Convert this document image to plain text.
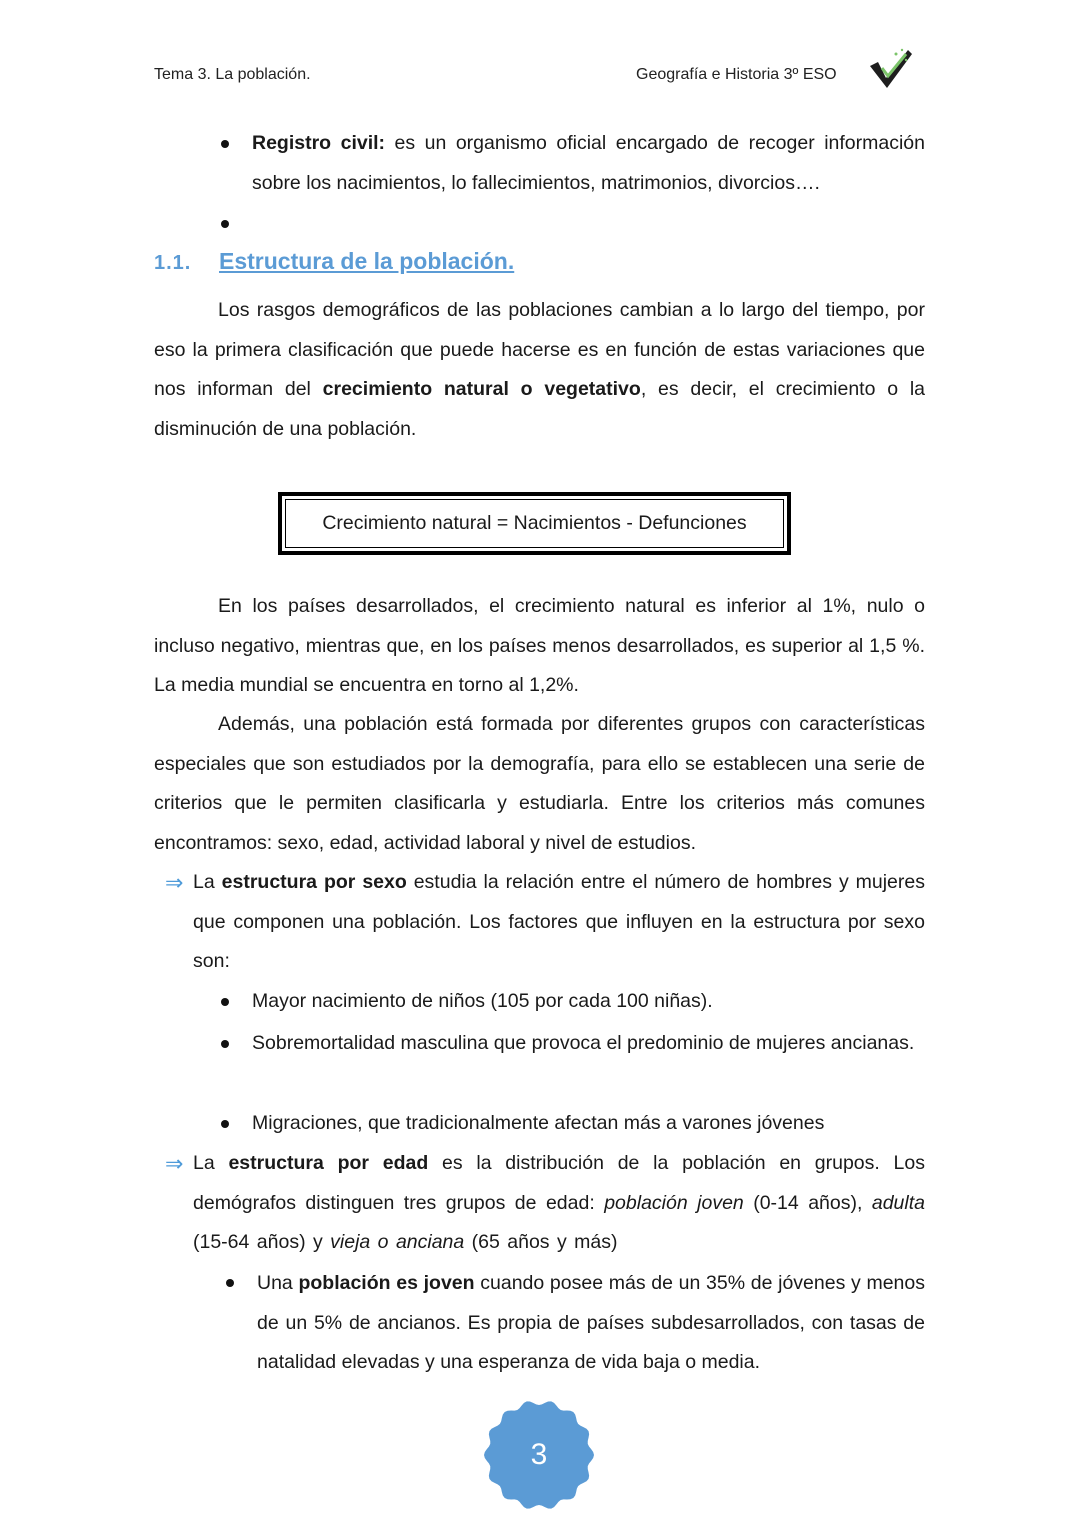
Tema 3. La población.	Geografía e Historia 3º ESO
Registro civil: es un organismo oficial encargado de recoger información
sobre los nacimientos, lo fallecimientos, matrimonios, divorcios….
1.1. Estructura de la población.

Los rasgos demográficos de las poblaciones cambian a lo largo del tiempo, por eso la primera clasificación que puede hacerse es en función de estas variaciones que nos informan del crecimiento natural o vegetativo, es decir, el crecimiento o la disminución de una población.

Crecimiento natural = Nacimientos - Defunciones

En los países desarrollados, el crecimiento natural es inferior al 1%, nulo o incluso negativo, mientras que, en los países menos desarrollados, es superior al 1,5 %. La media mundial se encuentra en torno al 1,2%.

Además, una población está formada por diferentes grupos con características especiales que son estudiados por la demografía, para ello se establecen una serie de criterios que le permiten clasificarla y estudiarla. Entre los criterios más comunes encontramos: sexo, edad, actividad laboral y nivel de estudios.

⇒ La estructura por sexo estudia la relación entre el número de hombres y mujeres que componen una población. Los factores que influyen en la estructura por sexo son:

Mayor nacimiento de niños (105 por cada 100 niñas).
Sobremortalidad masculina que provoca el predominio de mujeres ancianas.
Migraciones, que tradicionalmente afectan más a varones jóvenes
⇒ La estructura por edad es la distribución de la población en grupos. Los demógrafos distinguen tres grupos de edad: población joven (0-14 años), adulta (15-64 años) y vieja o anciana (65 años y más)

Una población es joven cuando posee más de un 35% de jóvenes y menos de un 5% de ancianos. Es propia de países subdesarrollados, con tasas de natalidad elevadas y una esperanza de vida baja o media.

3
